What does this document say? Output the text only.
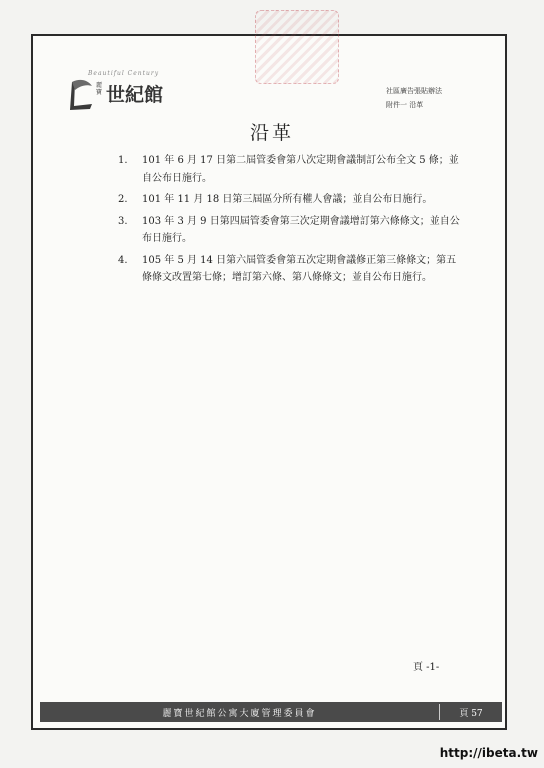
Beautiful Century
麗寶 世紀館	社區廣告張貼辦法
附件一 沿革
沿革
1. 101 年 6 月 17 日第二屆管委會第八次定期會議制訂公布全文 5 條；並自公布日施行。
2. 101 年 11 月 18 日第三屆區分所有權人會議；並自公布日施行。
3. 103 年 3 月 9 日第四屆管委會第三次定期會議增訂第六條條文；並自公布日施行。
4. 105 年 5 月 14 日第六屆管委會第五次定期會議修正第三條條文；第五條條文改置第七條；增訂第六條、第八條條文；並自公布日施行。
頁 -1-
麗寶世紀館公寓大廈管理委員會	頁 57
http://ibeta.tw
